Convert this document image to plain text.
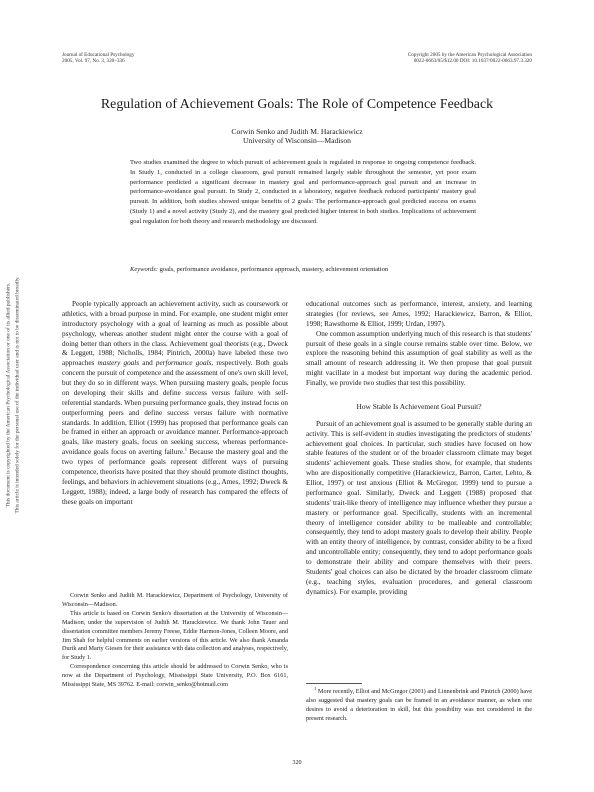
Journal of Educational Psychology
2005, Vol. 97, No. 3, 320–336
Copyright 2005 by the American Psychological Association
0022-0663/05/$12.00 DOI: 10.1037/0022-0663.97.3.320
This document is copyrighted by the American Psychological Association or one of its allied publishers. This article is intended solely for the personal use of the individual user and is not to be disseminated broadly.
Regulation of Achievement Goals: The Role of Competence Feedback
Corwin Senko and Judith M. Harackiewicz
University of Wisconsin—Madison
Two studies examined the degree to which pursuit of achievement goals is regulated in response to ongoing competence feedback. In Study 1, conducted in a college classroom, goal pursuit remained largely stable throughout the semester, yet poor exam performance predicted a significant decrease in mastery goal and performance-approach goal pursuit and an increase in performance-avoidance goal pursuit. In Study 2, conducted in a laboratory, negative feedback reduced participants' mastery goal pursuit. In addition, both studies showed unique benefits of 2 goals: The performance-approach goal predicted success on exams (Study 1) and a novel activity (Study 2), and the mastery goal predicted higher interest in both studies. Implications of achievement goal regulation for both theory and research methodology are discussed.
Keywords: goals, performance avoidance, performance approach, mastery, achievement orientation

People typically approach an achievement activity, such as coursework or athletics, with a broad purpose in mind. For example, one student might enter introductory psychology with a goal of learning as much as possible about psychology, whereas another student might enter the course with a goal of doing better than others in the class. Achievement goal theorists (e.g., Dweck & Leggett, 1988; Nicholls, 1984; Pintrich, 2000a) have labeled these two approaches mastery goals and performance goals, respectively. Both goals concern the pursuit of competence and the assessment of one's own skill level, but they do so in different ways. When pursuing mastery goals, people focus on developing their skills and define success versus failure with self-referential standards. When pursuing performance goals, they instead focus on outperforming peers and define success versus failure with normative standards. In addition, Elliot (1999) has proposed that performance goals can be framed in either an approach or avoidance manner. Performance-approach goals, like mastery goals, focus on seeking success, whereas performance-avoidance goals focus on averting failure.$^1$ Because the mastery goal and the two types of performance goals represent different ways of pursuing competence, theorists have posited that they should promote distinct thoughts, feelings, and behaviors in achievement situations (e.g., Ames, 1992; Dweck & Leggett, 1988); indeed, a large body of research has compared the effects of these goals on important

educational outcomes such as performance, interest, anxiety, and learning strategies (for reviews, see Ames, 1992; Harackiewicz, Barron, & Elliot, 1998; Rawsthorne & Elliot, 1999; Urdan, 1997).

One common assumption underlying much of this research is that students' pursuit of these goals in a single course remains stable over time. Below, we explore the reasoning behind this assumption of goal stability as well as the small amount of research addressing it. We then propose that goal pursuit might vacillate in a modest but important way during the academic period. Finally, we provide two studies that test this possibility.

How Stable Is Achievement Goal Pursuit?

Pursuit of an achievement goal is assumed to be generally stable during an activity. This is self-evident in studies investigating the predictors of students' achievement goal choices. In particular, such studies have focused on how stable features of the student or of the broader classroom climate may beget students' achievement goals. These studies show, for example, that students who are dispositionally competitive (Harackiewicz, Barron, Carter, Lehto, & Elliot, 1997) or test anxious (Elliot & McGregor, 1999) tend to pursue a performance goal. Similarly, Dweck and Leggett (1988) proposed that students' trait-like theory of intelligence may influence whether they pursue a mastery or performance goal. Specifically, students with an incremental theory of intelligence consider ability to be malleable and controllable; consequently, they tend to adopt mastery goals to develop their ability. People with an entity theory of intelligence, by contrast, consider ability to be a fixed and uncontrollable entity; consequently, they tend to adopt performance goals to demonstrate their ability and compare themselves with their peers. Students' goal choices can also be dictated by the broader classroom climate (e.g., teaching styles, evaluation procedures, and general classroom dynamics). For example, providing

Corwin Senko and Judith M. Harackiewicz, Department of Psychology, University of Wisconsin—Madison.

This article is based on Corwin Senko's dissertation at the University of Wisconsin—Madison, under the supervision of Judith M. Harackiewicz. We thank John Tauer and dissertation committee members Jeremy Freese, Eddie Harmon-Jones, Colleen Moore, and Jim Shah for helpful comments on earlier versions of this article. We also thank Amanda Durik and Marty Giesen for their assistance with data collection and analyses, respectively, for Study 1.

Correspondence concerning this article should be addressed to Corwin Senko, who is now at the Department of Psychology, Mississippi State University, P.O. Box 6161, Mississippi State, MS 39762. E-mail: corwin_senko@hotmail.com

$^1$ More recently, Elliot and McGregor (2001) and Linnenbrink and Pintrich (2000) have also suggested that mastery goals can be framed in an avoidance manner, as when one desires to avoid a deterioration in skill, but this possibility was not considered in the present research.

320
